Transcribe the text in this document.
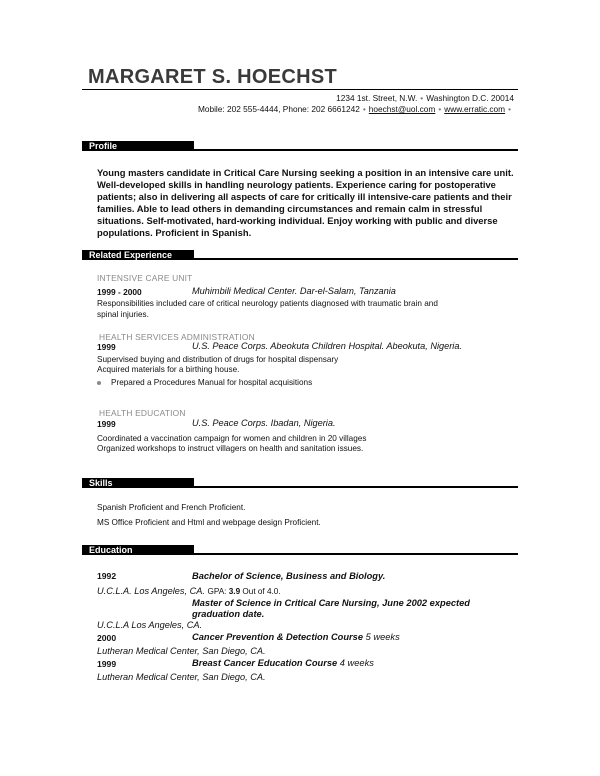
MARGARET S. HOECHST
1234 1st. Street, N.W. • Washington D.C. 20014
Mobile: 202 555-4444, Phone: 202 6661242 • hoechst@uol.com • www.erratic.com •
Profile
Young masters candidate in Critical Care Nursing seeking a position in an intensive care unit. Well-developed skills in handling neurology patients. Experience caring for postoperative patients; also in delivering all aspects of care for critically ill intensive-care patients and their families. Able to lead others in demanding circumstances and remain calm in stressful situations. Self-motivated, hard-working individual. Enjoy working with public and diverse populations. Proficient in Spanish.
Related Experience
INTENSIVE CARE UNIT
1999 - 2000	Muhimbili Medical Center. Dar-el-Salam, Tanzania
Responsibilities included care of critical neurology patients diagnosed with traumatic brain and
spinal injuries.
HEALTH SERVICES ADMINISTRATION
1999	U.S. Peace Corps. Abeokuta Children Hospital. Abeokuta, Nigeria.
Supervised buying and distribution of drugs for hospital dispensary
Acquired materials for a birthing house.
Prepared a Procedures Manual for hospital acquisitions
HEALTH EDUCATION
1999	U.S. Peace Corps. Ibadan, Nigeria.
Coordinated a vaccination campaign for women and children in 20 villages
Organized workshops to instruct villagers on health and sanitation issues.
Skills
Spanish Proficient and French Proficient.
MS Office Proficient and Html and webpage design Proficient.
Education
1992	Bachelor of Science, Business and Biology.
U.C.L.A. Los Angeles, CA. GPA: 3.9 Out of 4.0.
Master of Science in Critical Care Nursing, June 2002 expected
graduation date.
U.C.L.A Los Angeles, CA.
2000	Cancer Prevention & Detection Course 5 weeks
Lutheran Medical Center, San Diego, CA.
1999	Breast Cancer Education Course 4 weeks
Lutheran Medical Center, San Diego, CA.
